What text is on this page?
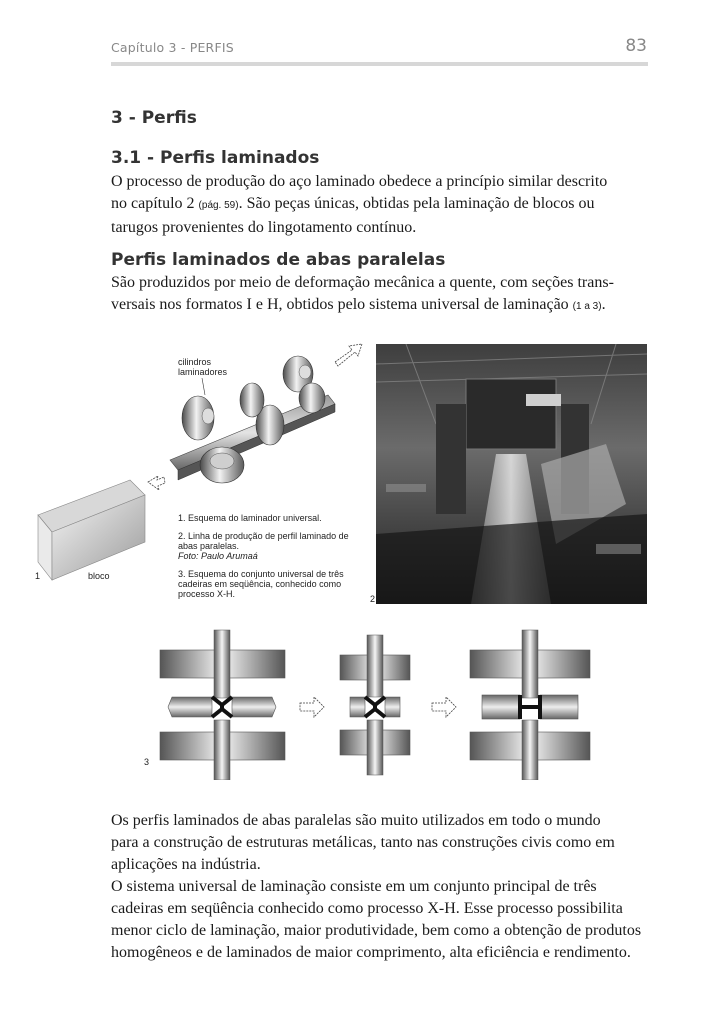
Capítulo 3 - PERFIS	83
3 - Perfis
3.1 - Perfis laminados
O processo de produção do aço laminado obedece a princípio similar descrito
no capítulo 2 (pág. 59). São peças únicas, obtidas pela laminação de blocos ou
tarugos provenientes do lingotamento contínuo.
Perfis laminados de abas paralelas
São produzidos por meio de deformação mecânica a quente, com seções trans-
versais nos formatos I e H, obtidos pelo sistema universal de laminação (1 a 3).
cilindros
laminadores
1	bloco
1. Esquema do laminador universal.
2. Linha de produção de perfil laminado de
abas paralelas.
Foto: Paulo Arumaá
3. Esquema do conjunto universal de três
cadeiras em seqüência, conhecido como
processo X-H.	2
3
Os perfis laminados de abas paralelas são muito utilizados em todo o mundo
para a construção de estruturas metálicas, tanto nas construções civis como em
aplicações na indústria.
O sistema universal de laminação consiste em um conjunto principal de três
cadeiras em seqüência conhecido como processo X-H. Esse processo possibilita
menor ciclo de laminação, maior produtividade, bem como a obtenção de produtos
homogêneos e de laminados de maior comprimento, alta eficiência e rendimento.
